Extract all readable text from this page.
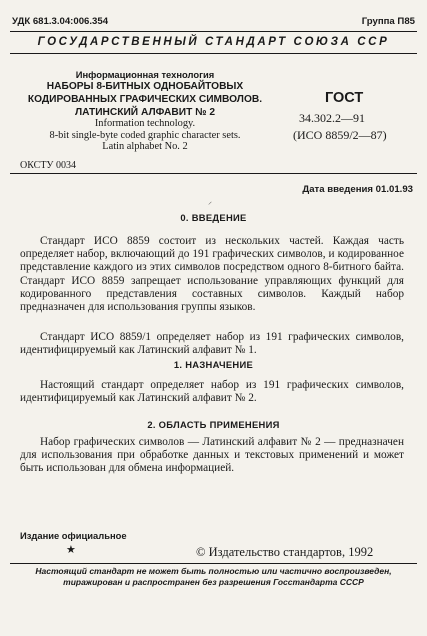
УДК 681.3.04:006.354	Группа П85
ГОСУДАРСТВЕННЫЙ СТАНДАРТ СОЮЗА ССР
Информационная технология
НАБОРЫ 8-БИТНЫХ ОДНОБАЙТОВЫХ
КОДИРОВАННЫХ ГРАФИЧЕСКИХ СИМВОЛОВ.
ЛАТИНСКИЙ АЛФАВИТ № 2
Information technology.
8-bit single-byte coded graphic character sets.
Latin alphabet No. 2
ГОСТ
34.302.2—91
(ИСО 8859/2—87)
ОКСТУ 0034
Дата введения 01.01.93
⸝
0. ВВЕДЕНИЕ

Стандарт ИСО 8859 состоит из нескольких частей. Каждая часть определяет набор, включающий до 191 графических символов, и кодированное представление каждого из этих символов посредством одного 8-битного байта. Стандарт ИСО 8859 запрещает использование управляющих функций для кодированного представления составных символов. Каждый набор предназначен для использования группы языков.

Стандарт ИСО 8859/1 определяет набор из 191 графических символов, идентифицируемый как Латинский алфавит № 1.

1. НАЗНАЧЕНИЕ

Настоящий стандарт определяет набор из 191 графических символов, идентифицируемый как Латинский алфавит № 2.

2. ОБЛАСТЬ ПРИМЕНЕНИЯ

Набор графических символов — Латинский алфавит № 2 — предназначен для использования при обработке данных и текстовых применений и может быть использован для обмена информацией.

Издание официальное
★	© Издательство стандартов, 1992
Настоящий стандарт не может быть полностью или частично воспроизведен,
тиражирован и распространен без разрешения Госстандарта СССР
